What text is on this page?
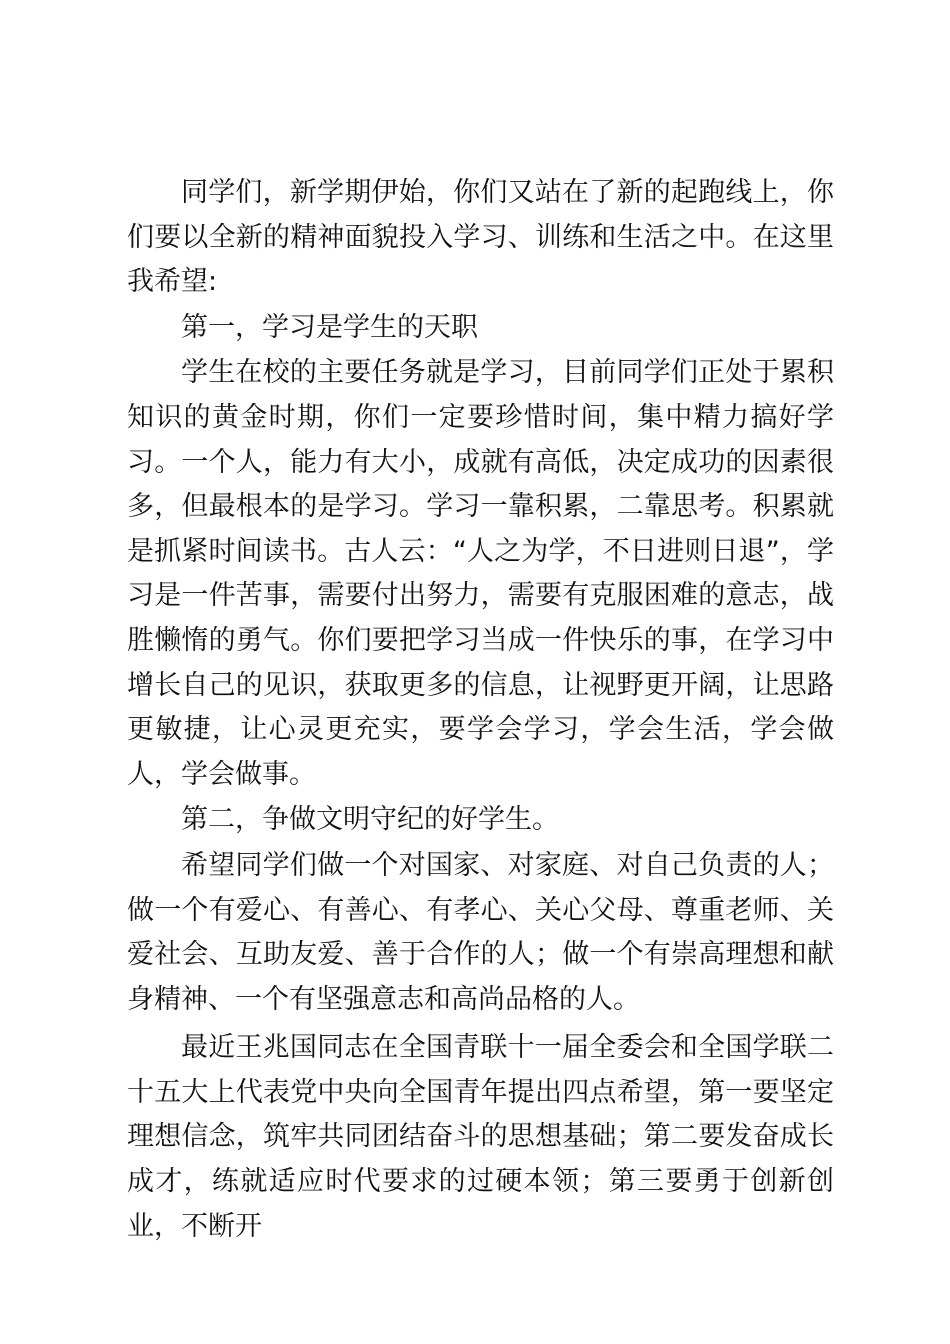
同学们，新学期伊始，你们又站在了新的起跑线上，你们要以全新的精神面貌投入学习、训练和生活之中。在这里我希望:

第一，学习是学生的天职

学生在校的主要任务就是学习，目前同学们正处于累积知识的黄金时期，你们一定要珍惜时间，集中精力搞好学习。一个人，能力有大小，成就有高低，决定成功的因素很多，但最根本的是学习。学习一靠积累，二靠思考。积累就是抓紧时间读书。古人云：“人之为学，不日进则日退”，学习是一件苦事，需要付出努力，需要有克服困难的意志，战胜懒惰的勇气。你们要把学习当成一件快乐的事，在学习中增长自己的见识，获取更多的信息，让视野更开阔，让思路更敏捷，让心灵更充实，要学会学习，学会生活，学会做人，学会做事。

第二，争做文明守纪的好学生。

希望同学们做一个对国家、对家庭、对自己负责的人；做一个有爱心、有善心、有孝心、关心父母、尊重老师、关爱社会、互助友爱、善于合作的人；做一个有崇高理想和献身精神、一个有坚强意志和高尚品格的人。

最近王兆国同志在全国青联十一届全委会和全国学联二十五大上代表党中央向全国青年提出四点希望，第一要坚定理想信念，筑牢共同团结奋斗的思想基础；第二要发奋成长成才，练就适应时代要求的过硬本领；第三要勇于创新创业，不断开
